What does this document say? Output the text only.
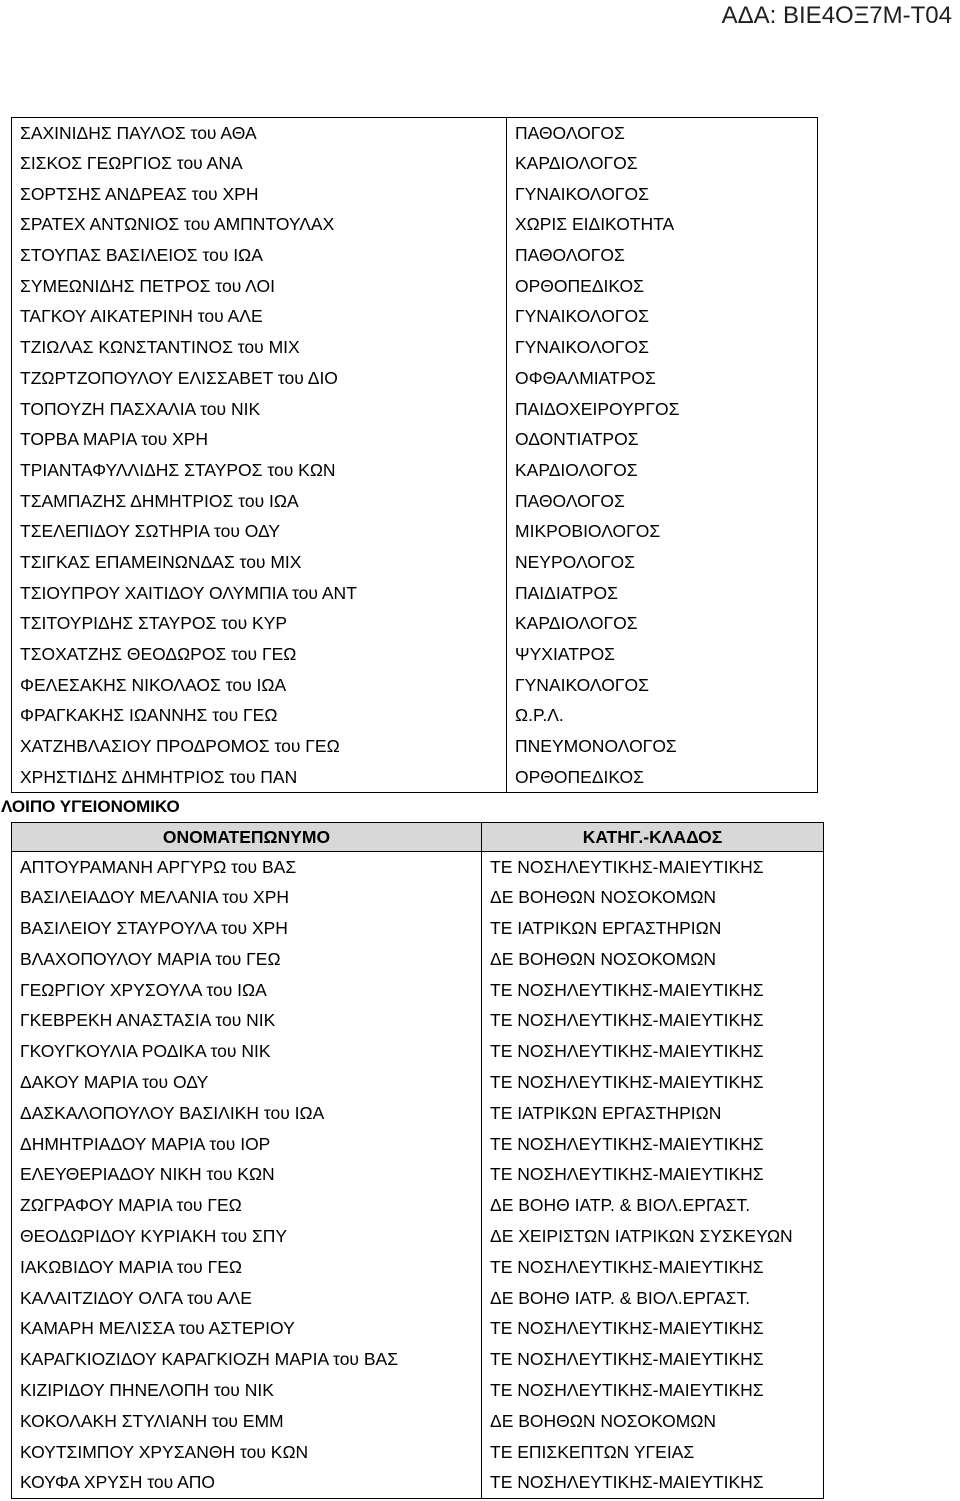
ΑΔΑ: ΒΙΕ4ΟΞ7Μ-Τ04
ΣΑΧΙΝΙΔΗΣ ΠΑΥΛΟΣ του ΑΘΑ	ΠΑΘΟΛΟΓΟΣ
ΣΙΣΚΟΣ ΓΕΩΡΓΙΟΣ του ΑΝΑ	ΚΑΡΔΙΟΛΟΓΟΣ
ΣΟΡΤΣΗΣ ΑΝΔΡΕΑΣ του ΧΡΗ	ΓΥΝΑΙΚΟΛΟΓΟΣ
ΣΡΑΤΕΧ ΑΝΤΩΝΙΟΣ του ΑΜΠΝΤΟΥΛΑΧ	ΧΩΡΙΣ ΕΙΔΙΚΟΤΗΤΑ
ΣΤΟΥΠΑΣ ΒΑΣΙΛΕΙΟΣ του ΙΩΑ	ΠΑΘΟΛΟΓΟΣ
ΣΥΜΕΩΝΙΔΗΣ ΠΕΤΡΟΣ του ΛΟΙ	ΟΡΘΟΠΕΔΙΚΟΣ
ΤΑΓΚΟΥ ΑΙΚΑΤΕΡΙΝΗ του ΑΛΕ	ΓΥΝΑΙΚΟΛΟΓΟΣ
ΤΖΙΩΛΑΣ ΚΩΝΣΤΑΝΤΙΝΟΣ του ΜΙΧ	ΓΥΝΑΙΚΟΛΟΓΟΣ
ΤΖΩΡΤΖΟΠΟΥΛΟΥ ΕΛΙΣΣΑΒΕΤ του ΔΙΟ	ΟΦΘΑΛΜΙΑΤΡΟΣ
ΤΟΠΟΥΖΗ ΠΑΣΧΑΛΙΑ του ΝΙΚ	ΠΑΙΔΟΧΕΙΡΟΥΡΓΟΣ
ΤΟΡΒΑ ΜΑΡΙΑ του ΧΡΗ	ΟΔΟΝΤΙΑΤΡΟΣ
ΤΡΙΑΝΤΑΦΥΛΛΙΔΗΣ ΣΤΑΥΡΟΣ του ΚΩΝ	ΚΑΡΔΙΟΛΟΓΟΣ
ΤΣΑΜΠΑΖΗΣ ΔΗΜΗΤΡΙΟΣ του ΙΩΑ	ΠΑΘΟΛΟΓΟΣ
ΤΣΕΛΕΠΙΔΟΥ ΣΩΤΗΡΙΑ του ΟΔΥ	ΜΙΚΡΟΒΙΟΛΟΓΟΣ
ΤΣΙΓΚΑΣ ΕΠΑΜΕΙΝΩΝΔΑΣ του ΜΙΧ	ΝΕΥΡΟΛΟΓΟΣ
ΤΣΙΟΥΠΡΟΥ ΧΑΙΤΙΔΟΥ ΟΛΥΜΠΙΑ του ΑΝΤ	ΠΑΙΔΙΑΤΡΟΣ
ΤΣΙΤΟΥΡΙΔΗΣ ΣΤΑΥΡΟΣ του ΚΥΡ	ΚΑΡΔΙΟΛΟΓΟΣ
ΤΣΟΧΑΤΖΗΣ ΘΕΟΔΩΡΟΣ του ΓΕΩ	ΨΥΧΙΑΤΡΟΣ
ΦΕΛΕΣΑΚΗΣ ΝΙΚΟΛΑΟΣ του ΙΩΑ	ΓΥΝΑΙΚΟΛΟΓΟΣ
ΦΡΑΓΚΑΚΗΣ ΙΩΑΝΝΗΣ του ΓΕΩ	Ω.Ρ.Λ.
ΧΑΤΖΗΒΛΑΣΙΟΥ ΠΡΟΔΡΟΜΟΣ του ΓΕΩ	ΠΝΕΥΜΟΝΟΛΟΓΟΣ
ΧΡΗΣΤΙΔΗΣ ΔΗΜΗΤΡΙΟΣ του ΠΑΝ	ΟΡΘΟΠΕΔΙΚΟΣ
ΛΟΙΠΟ ΥΓΕΙΟΝΟΜΙΚΟ
ΟΝΟΜΑΤΕΠΩΝΥΜΟ	ΚΑΤΗΓ.-ΚΛΑΔΟΣ
ΑΠΤΟΥΡΑΜΑΝΗ ΑΡΓΥΡΩ του ΒΑΣ	ΤΕ ΝΟΣΗΛΕΥΤΙΚΗΣ-ΜΑΙΕΥΤΙΚΗΣ
ΒΑΣΙΛΕΙΑΔΟΥ ΜΕΛΑΝΙΑ του ΧΡΗ	ΔΕ ΒΟΗΘΩΝ ΝΟΣΟΚΟΜΩΝ
ΒΑΣΙΛΕΙΟΥ ΣΤΑΥΡΟΥΛΑ του ΧΡΗ	ΤΕ ΙΑΤΡΙΚΩΝ ΕΡΓΑΣΤΗΡΙΩΝ
ΒΛΑΧΟΠΟΥΛΟΥ ΜΑΡΙΑ του ΓΕΩ	ΔΕ ΒΟΗΘΩΝ ΝΟΣΟΚΟΜΩΝ
ΓΕΩΡΓΙΟΥ ΧΡΥΣΟΥΛΑ του ΙΩΑ	ΤΕ ΝΟΣΗΛΕΥΤΙΚΗΣ-ΜΑΙΕΥΤΙΚΗΣ
ΓΚΕΒΡΕΚΗ ΑΝΑΣΤΑΣΙΑ του ΝΙΚ	ΤΕ ΝΟΣΗΛΕΥΤΙΚΗΣ-ΜΑΙΕΥΤΙΚΗΣ
ΓΚΟΥΓΚΟΥΛΙΑ ΡΟΔΙΚΑ του ΝΙΚ	ΤΕ ΝΟΣΗΛΕΥΤΙΚΗΣ-ΜΑΙΕΥΤΙΚΗΣ
ΔΑΚΟΥ ΜΑΡΙΑ του ΟΔΥ	ΤΕ ΝΟΣΗΛΕΥΤΙΚΗΣ-ΜΑΙΕΥΤΙΚΗΣ
ΔΑΣΚΑΛΟΠΟΥΛΟΥ ΒΑΣΙΛΙΚΗ του ΙΩΑ	ΤΕ ΙΑΤΡΙΚΩΝ ΕΡΓΑΣΤΗΡΙΩΝ
ΔΗΜΗΤΡΙΑΔΟΥ ΜΑΡΙΑ του ΙΟΡ	ΤΕ ΝΟΣΗΛΕΥΤΙΚΗΣ-ΜΑΙΕΥΤΙΚΗΣ
ΕΛΕΥΘΕΡΙΑΔΟΥ ΝΙΚΗ του ΚΩΝ	ΤΕ ΝΟΣΗΛΕΥΤΙΚΗΣ-ΜΑΙΕΥΤΙΚΗΣ
ΖΩΓΡΑΦΟΥ ΜΑΡΙΑ του ΓΕΩ	ΔΕ ΒΟΗΘ ΙΑΤΡ. & ΒΙΟΛ.ΕΡΓΑΣΤ.
ΘΕΟΔΩΡΙΔΟΥ ΚΥΡΙΑΚΗ του ΣΠΥ	ΔΕ ΧΕΙΡΙΣΤΩΝ ΙΑΤΡΙΚΩΝ ΣΥΣΚΕΥΩΝ
ΙΑΚΩΒΙΔΟΥ ΜΑΡΙΑ του ΓΕΩ	ΤΕ ΝΟΣΗΛΕΥΤΙΚΗΣ-ΜΑΙΕΥΤΙΚΗΣ
ΚΑΛΑΙΤΖΙΔΟΥ ΟΛΓΑ του ΑΛΕ	ΔΕ ΒΟΗΘ ΙΑΤΡ. & ΒΙΟΛ.ΕΡΓΑΣΤ.
ΚΑΜΑΡΗ ΜΕΛΙΣΣΑ του ΑΣΤΕΡΙΟΥ	ΤΕ ΝΟΣΗΛΕΥΤΙΚΗΣ-ΜΑΙΕΥΤΙΚΗΣ
ΚΑΡΑΓΚΙΟΖΙΔΟΥ ΚΑΡΑΓΚΙΟΖΗ ΜΑΡΙΑ του ΒΑΣ	ΤΕ ΝΟΣΗΛΕΥΤΙΚΗΣ-ΜΑΙΕΥΤΙΚΗΣ
ΚΙΖΙΡΙΔΟΥ ΠΗΝΕΛΟΠΗ του ΝΙΚ	ΤΕ ΝΟΣΗΛΕΥΤΙΚΗΣ-ΜΑΙΕΥΤΙΚΗΣ
ΚΟΚΟΛΑΚΗ ΣΤΥΛΙΑΝΗ του ΕΜΜ	ΔΕ ΒΟΗΘΩΝ ΝΟΣΟΚΟΜΩΝ
ΚΟΥΤΣΙΜΠΟΥ ΧΡΥΣΑΝΘΗ του ΚΩΝ	ΤΕ ΕΠΙΣΚΕΠΤΩΝ ΥΓΕΙΑΣ
ΚΟΥΦΑ ΧΡΥΣΗ του ΑΠΟ	ΤΕ ΝΟΣΗΛΕΥΤΙΚΗΣ-ΜΑΙΕΥΤΙΚΗΣ
